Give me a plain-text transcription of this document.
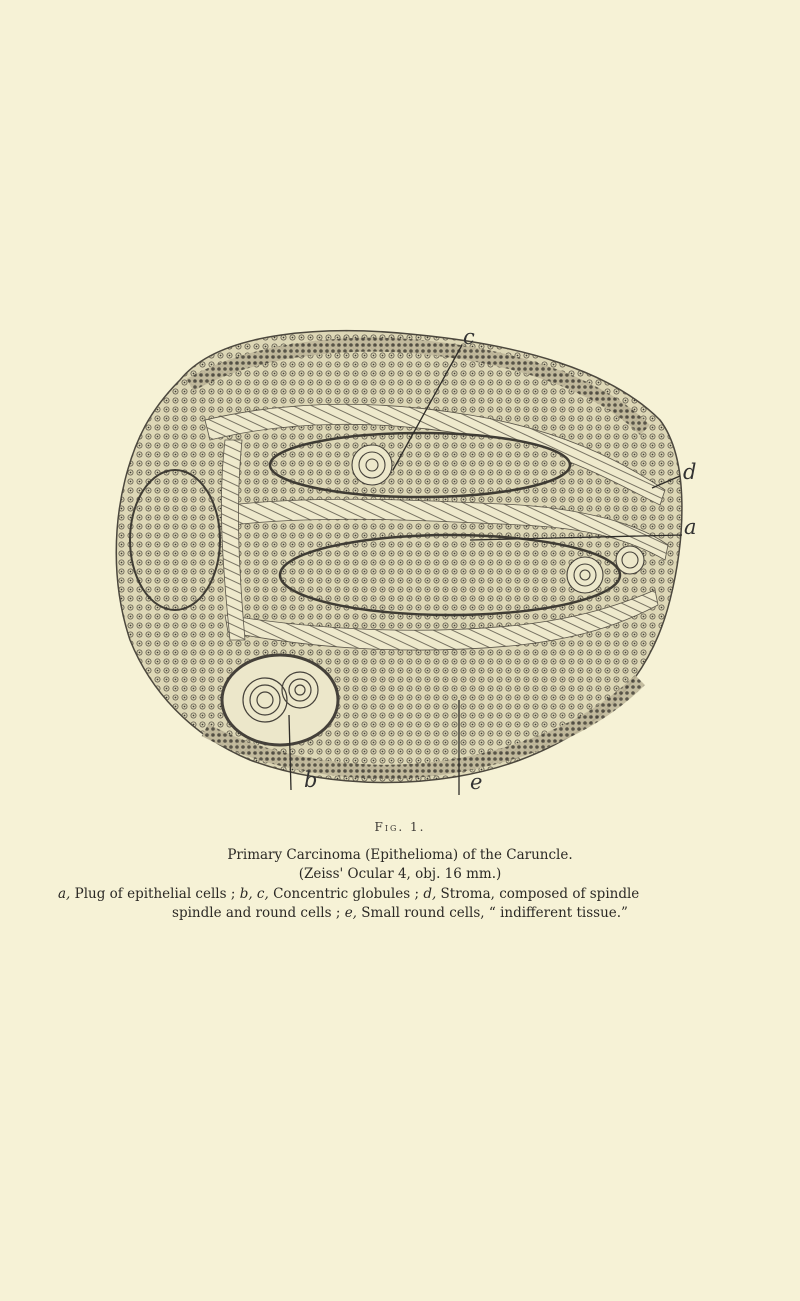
c
d
a
b	e
Fig. 1.
Primary Carcinoma (Epithelioma) of the Caruncle.
(Zeiss' Ocular 4, obj. 16 mm.)
a, Plug of epithelial cells ; b, c, Concentric globules ; d, Stroma, composed of spindle
spindle and round cells ; e, Small round cells, “ indifferent tissue.”
